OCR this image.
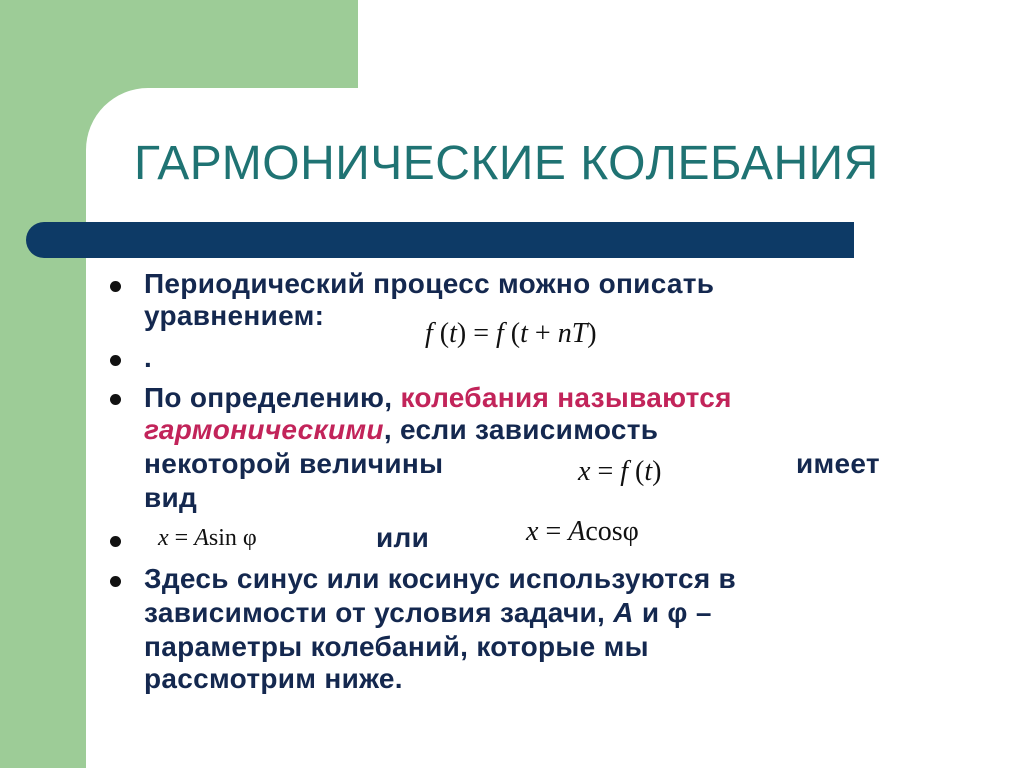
ГАРМОНИЧЕСКИЕ КОЛЕБАНИЯ
Периодический процесс можно описать
уравнением:
f (t) = f (t + nT)
.
По определению, колебания называются
гармоническими, если зависимость
некоторой величины	x = f (t)	имеет
вид
x = Asin φ	или	x = Acosφ
Здесь синус или косинус используются в
зависимости от условия задачи, А и φ –
параметры колебаний, которые мы
рассмотрим ниже.
